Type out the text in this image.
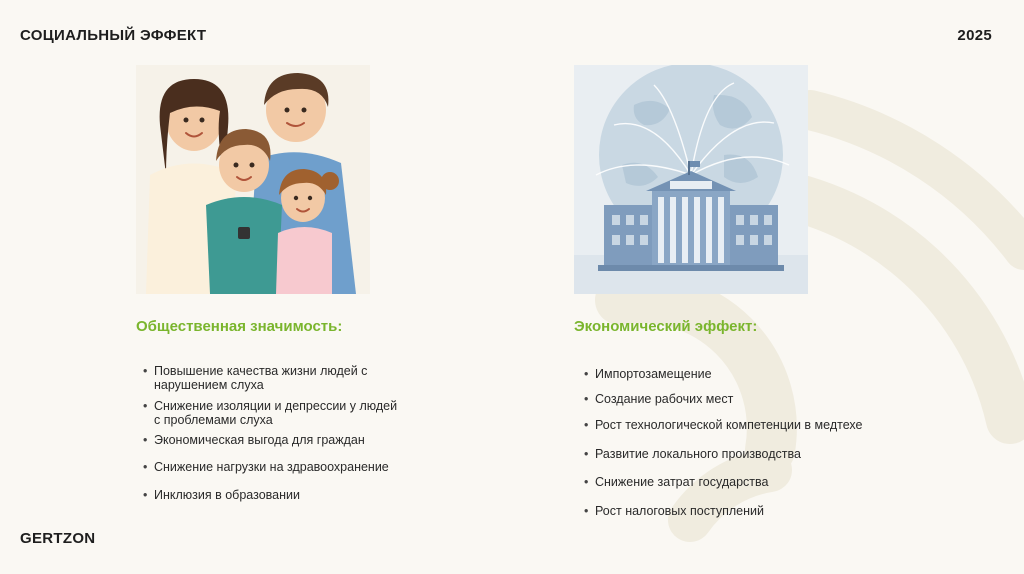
СОЦИАЛЬНЫЙ ЭФФЕКТ	2025
Общественная значимость:	Экономический эффект:
• Повышение качества жизни людей с
нарушением слуха
• Снижение изоляции и депрессии у людей
с проблемами слуха
• Экономическая выгода для граждан
• Снижение нагрузки на здравоохранение
• Инклюзия в образовании
• Импортозамещение
• Создание рабочих мест
• Рост технологической компетенции в медтехе
• Развитие локального производства
• Снижение затрат государства
• Рост налоговых поступлений
GERTZON
